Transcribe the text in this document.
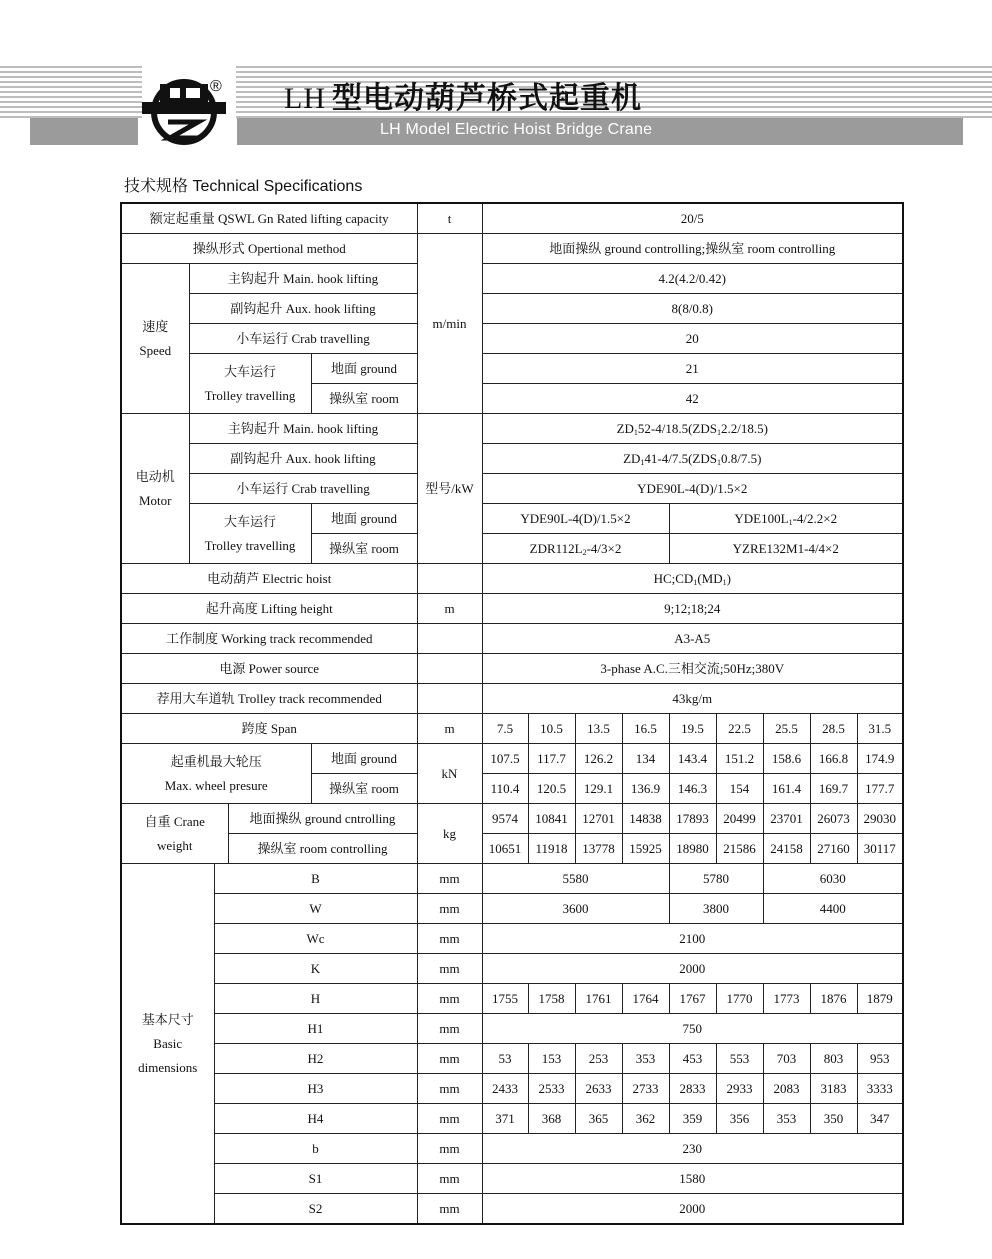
® LH 型电动葫芦桥式起重机
LH Model Electric Hoist Bridge Crane
技术规格 Technical Specifications
额定起重量 QSWL Gn Rated lifting capacity					t	20/5								
操纵形式 Opertional method					m/min	地面操纵 ground controlling;操纵室 room controlling								
速度
Speed	主钩起升 Main. hook lifting					4.2(4.2/0.42)								
	副钩起升 Aux. hook lifting					8(8/0.8)								
	小车运行 Crab travelling					20								
	大车运行
Trolley travelling			地面 ground		21								
				操纵室 room		42								
电动机
Motor	主钩起升 Main. hook lifting				型号/kW	$ZD_152-4/18.5(ZDS_12.2/18.5)$								
	副钩起升 Aux. hook lifting					$ZD_141-4/7.5(ZDS_10.8/7.5)$								
	小车运行 Crab travelling					YDE90L-4(D)/1.5×2								
	大车运行
Trolley travelling			地面 ground		YDE90L-4(D)/1.5×2				$YDE100L_1-4/2.2\times 2$				
				操纵室 room		$ZDR112L_2-4/3\times 2$				YZRE132M1-4/4×2				
电动葫芦 Electric hoist						$HC;CD_1(MD_1)$								
起升高度 Lifting height					m	9;12;18;24								
工作制度 Working track recommended						A3-A5								
电源 Power source						3-phase A.C.三相交流;50Hz;380V								
荐用大车道轨 Trolley track recommended						43kg/m								
跨度 Span					m	7.5	10.5	13.5	16.5	19.5	22.5	25.5	28.5	31.5
起重机最大轮压
Max. wheel presure				地面 ground	kN	107.5	117.7	126.2	134	143.4	151.2	158.6	166.8	174.9
				操纵室 room		110.4	120.5	129.1	136.9	146.3	154	161.4	169.7	177.7
自重 Crane
weight			地面操纵 ground cntrolling		kg	9574	10841	12701	14838	17893	20499	23701	26073	29030
			操纵室 room controlling			10651	11918	13778	15925	18980	21586	24158	27160	30117
基本尺寸
Basic
dimensions		B			mm	5580				5780		6030		
		W			mm	3600				3800		4400		
		Wc			mm	2100								
		K			mm	2000								
		H			mm	1755	1758	1761	1764	1767	1770	1773	1876	1879
		H1			mm	750								
		H2			mm	53	153	253	353	453	553	703	803	953
		H3			mm	2433	2533	2633	2733	2833	2933	2083	3183	3333
		H4			mm	371	368	365	362	359	356	353	350	347
		b			mm	230								
		S1			mm	1580								
		S2			mm	2000								
